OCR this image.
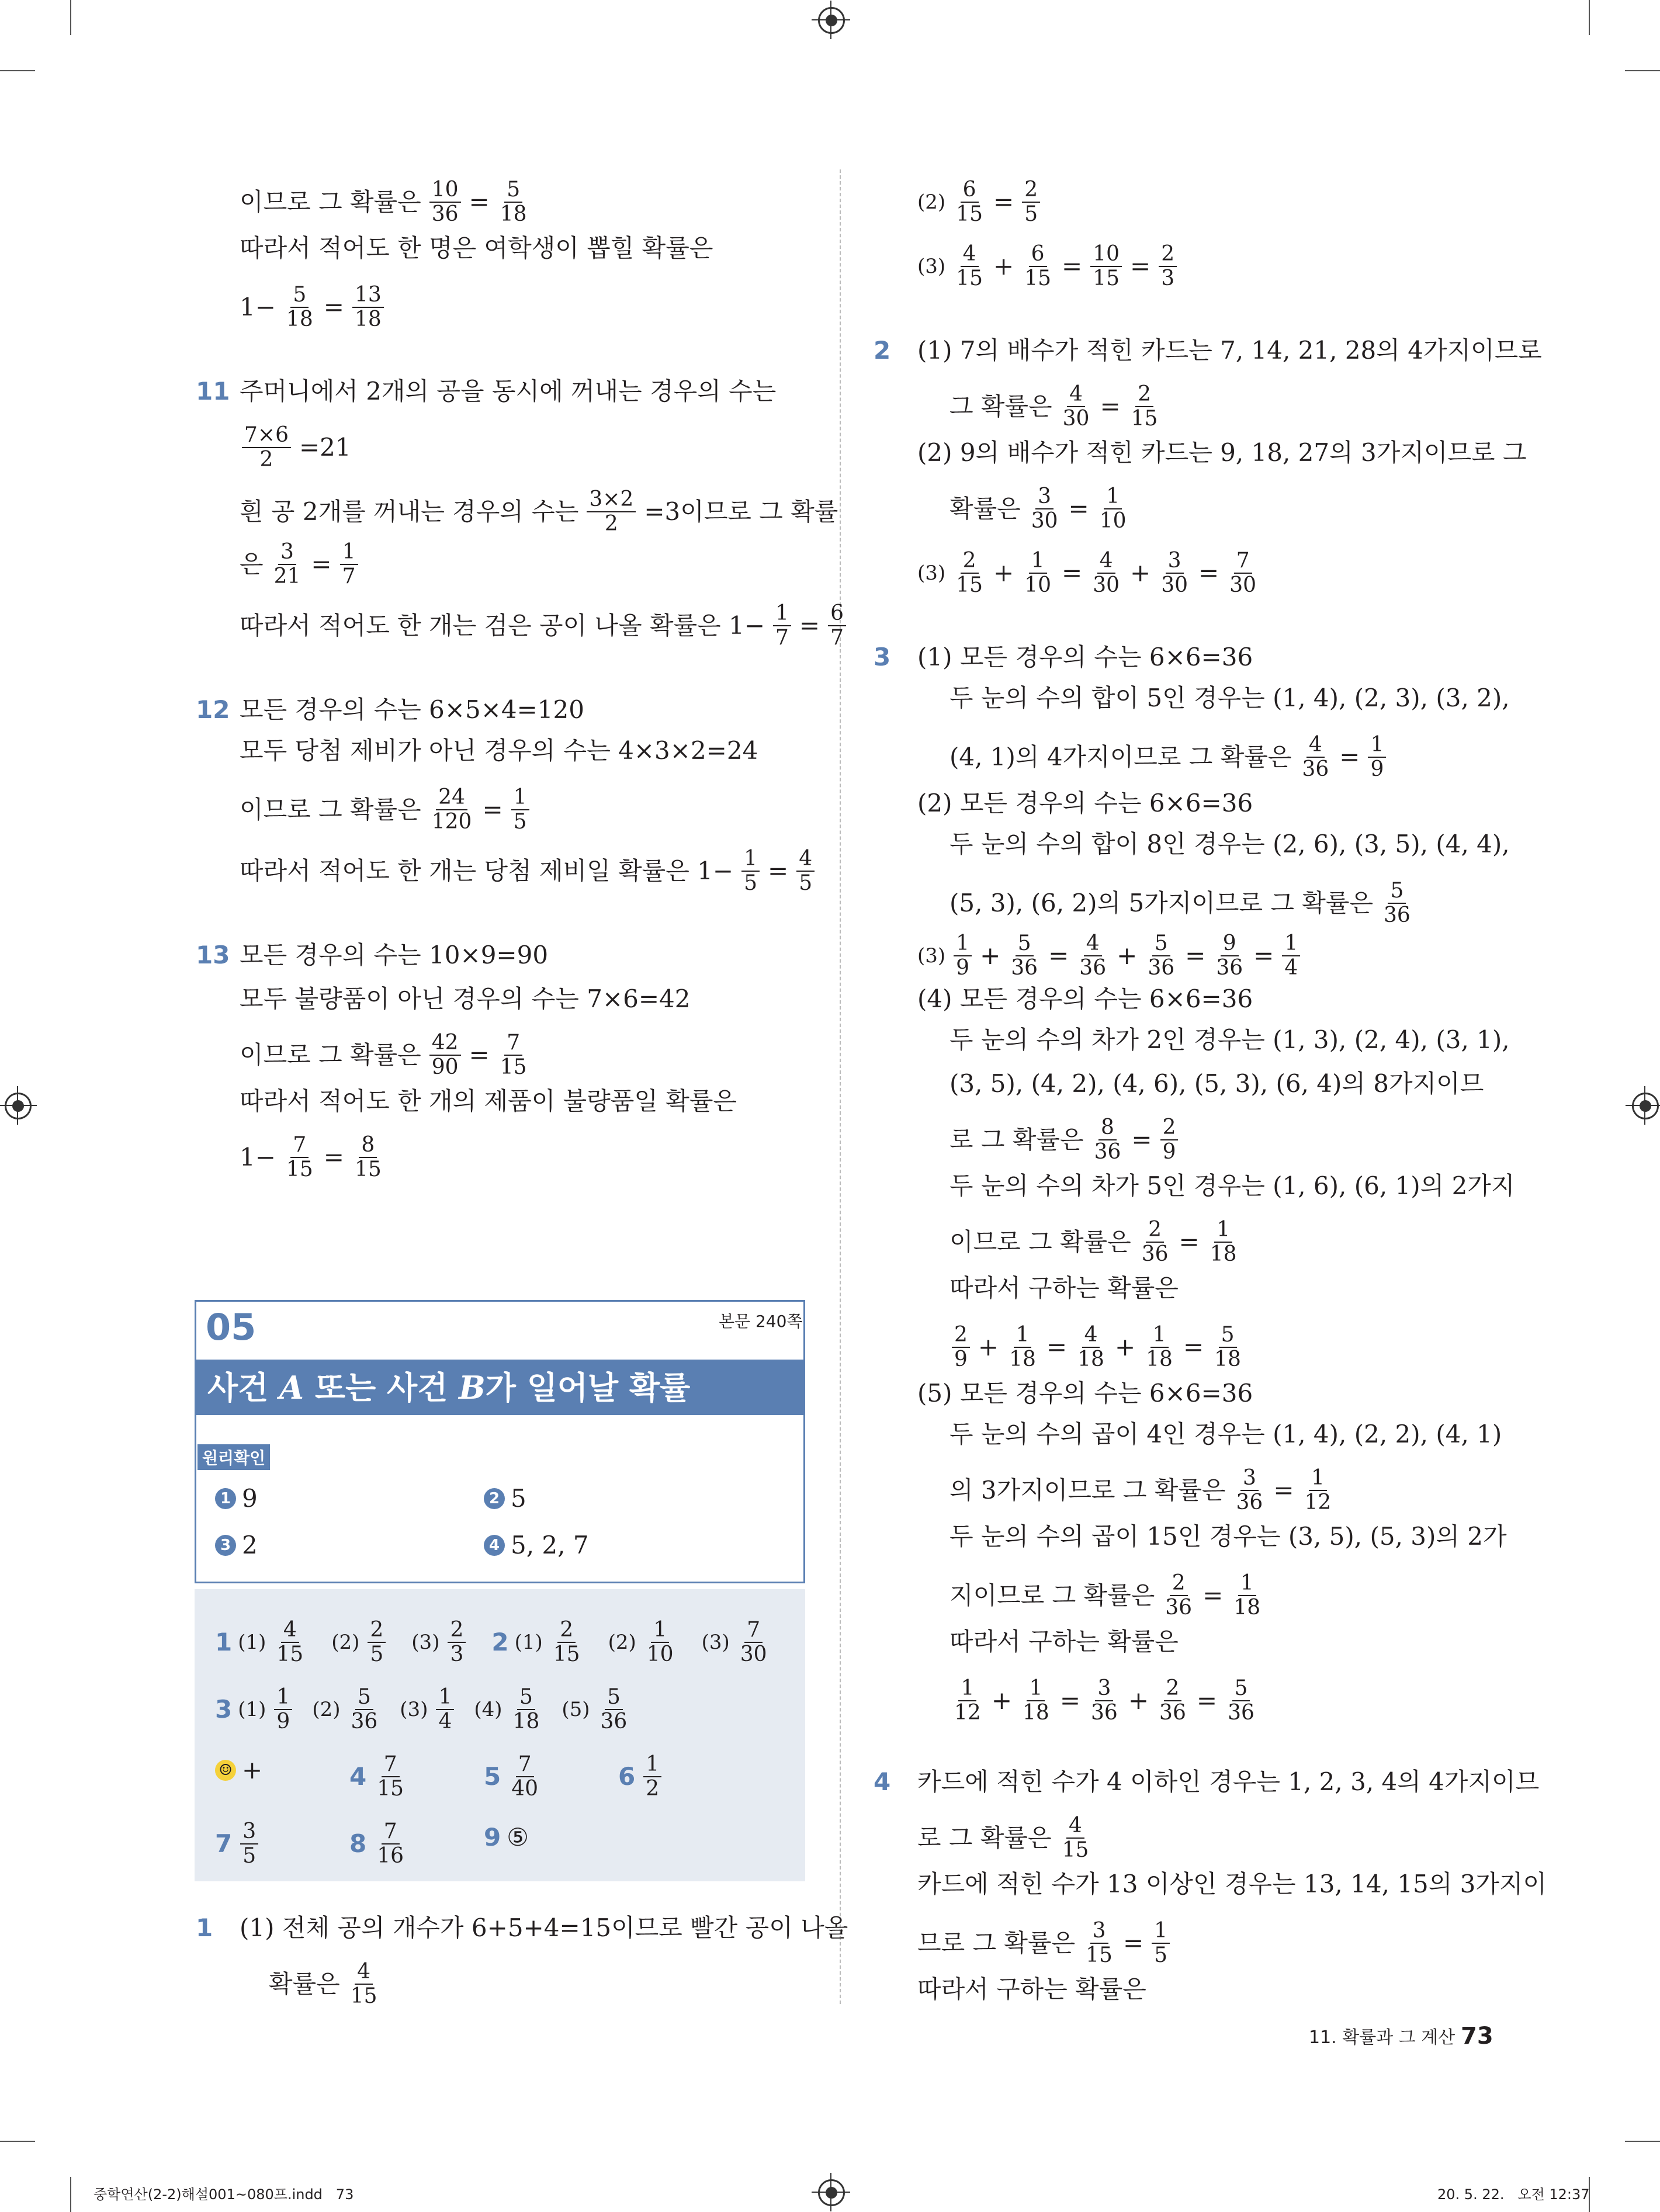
이므로 그 확률은 $\frac{10}{36} = \frac{5}{18}$
따라서 적어도 한 명은 여학생이 뽑힐 확률은
$1- \frac{5}{18} = \frac{13}{18}$
11 주머니에서 2개의 공을 동시에 꺼내는 경우의 수는
$\frac{7\times 6}{2} =21$
흰 공 2개를 꺼내는 경우의 수는 $\frac{3\times 2}{2} =3$이므로 그 확률
은 $\frac{3}{21} = \frac{1}{7}$
따라서 적어도 한 개는 검은 공이 나올 확률은 $1- \frac{1}{7} = \frac{6}{7}$
12 모든 경우의 수는 6×5×4=120
모두 당첨 제비가 아닌 경우의 수는 4×3×2=24
이므로 그 확률은 $\frac{24}{120} = \frac{1}{5}$
따라서 적어도 한 개는 당첨 제비일 확률은 $1- \frac{1}{5} = \frac{4}{5}$
13 모든 경우의 수는 10×9=90
모두 불량품이 아닌 경우의 수는 7×6=42
이므로 그 확률은 $\frac{42}{90} = \frac{7}{15}$
따라서 적어도 한 개의 제품이 불량품일 확률은
$1- \frac{7}{15} = \frac{8}{15}$
05	본문 240쪽
사건 A 또는 사건 B가 일어날 확률
원리확인
1 9	2 5
3 2	4 5, 2, 7
1 $(1) \frac{4}{15} (2) \frac{2}{5} (3) \frac{2}{3} 2$ $(1) \frac{2}{15} (2) \frac{1}{10} (3) \frac{7}{30}$
3 $(1) \frac{1}{9} (2) \frac{5}{36} (3) \frac{1}{4} (4) \frac{5}{18} (5) \frac{5}{36}$
☺ +	$4 \frac{7}{15}$	$5 \frac{7}{40}$	$6 \frac{1}{2}$
$7 \frac{3}{5}$	$8 \frac{7}{16}$	9 ⑤
1 (1) 전체 공의 개수가 6+5+4=15이므로 빨간 공이 나올
확률은 $\frac{4}{15}$
$(2) \frac{6}{15} = \frac{2}{5}$
$(3) \frac{4}{15} + \frac{6}{15} = \frac{10}{15} = \frac{2}{3}$
2 (1) 7의 배수가 적힌 카드는 7, 14, 21, 28의 4가지이므로
그 확률은 $\frac{4}{30} = \frac{2}{15}$
(2) 9의 배수가 적힌 카드는 9, 18, 27의 3가지이므로 그
확률은 $\frac{3}{30} = \frac{1}{10}$
$(3) \frac{2}{15} + \frac{1}{10} = \frac{4}{30} + \frac{3}{30} = \frac{7}{30}$
3 (1) 모든 경우의 수는 6×6=36
두 눈의 수의 합이 5인 경우는 (1, 4), (2, 3), (3, 2),
(4, 1)의 4가지이므로 그 확률은 $\frac{4}{36} = \frac{1}{9}$
(2) 모든 경우의 수는 6×6=36
두 눈의 수의 합이 8인 경우는 (2, 6), (3, 5), (4, 4),
(5, 3), (6, 2)의 5가지이므로 그 확률은 $\frac{5}{36}$
$(3) \frac{1}{9} + \frac{5}{36} = \frac{4}{36} + \frac{5}{36} = \frac{9}{36} = \frac{1}{4}$
(4) 모든 경우의 수는 6×6=36
두 눈의 수의 차가 2인 경우는 (1, 3), (2, 4), (3, 1),
(3, 5), (4, 2), (4, 6), (5, 3), (6, 4)의 8가지이므
로 그 확률은 $\frac{8}{36} = \frac{2}{9}$
두 눈의 수의 차가 5인 경우는 (1, 6), (6, 1)의 2가지
이므로 그 확률은 $\frac{2}{36} = \frac{1}{18}$
따라서 구하는 확률은
$\frac{2}{9} + \frac{1}{18} = \frac{4}{18} + \frac{1}{18} = \frac{5}{18}$
(5) 모든 경우의 수는 6×6=36
두 눈의 수의 곱이 4인 경우는 (1, 4), (2, 2), (4, 1)
의 3가지이므로 그 확률은 $\frac{3}{36} = \frac{1}{12}$
두 눈의 수의 곱이 15인 경우는 (3, 5), (5, 3)의 2가
지이므로 그 확률은 $\frac{2}{36} = \frac{1}{18}$
따라서 구하는 확률은
$\frac{1}{12} + \frac{1}{18} = \frac{3}{36} + \frac{2}{36} = \frac{5}{36}$
4 카드에 적힌 수가 4 이하인 경우는 1, 2, 3, 4의 4가지이므
로 그 확률은 $\frac{4}{15}$
카드에 적힌 수가 13 이상인 경우는 13, 14, 15의 3가지이
므로 그 확률은 $\frac{3}{15} = \frac{1}{5}$
따라서 구하는 확률은
11. 확률과 그 계산 73
중학연산(2-2)해설001~080프.indd   73	20. 5. 22.   오전 12:37
